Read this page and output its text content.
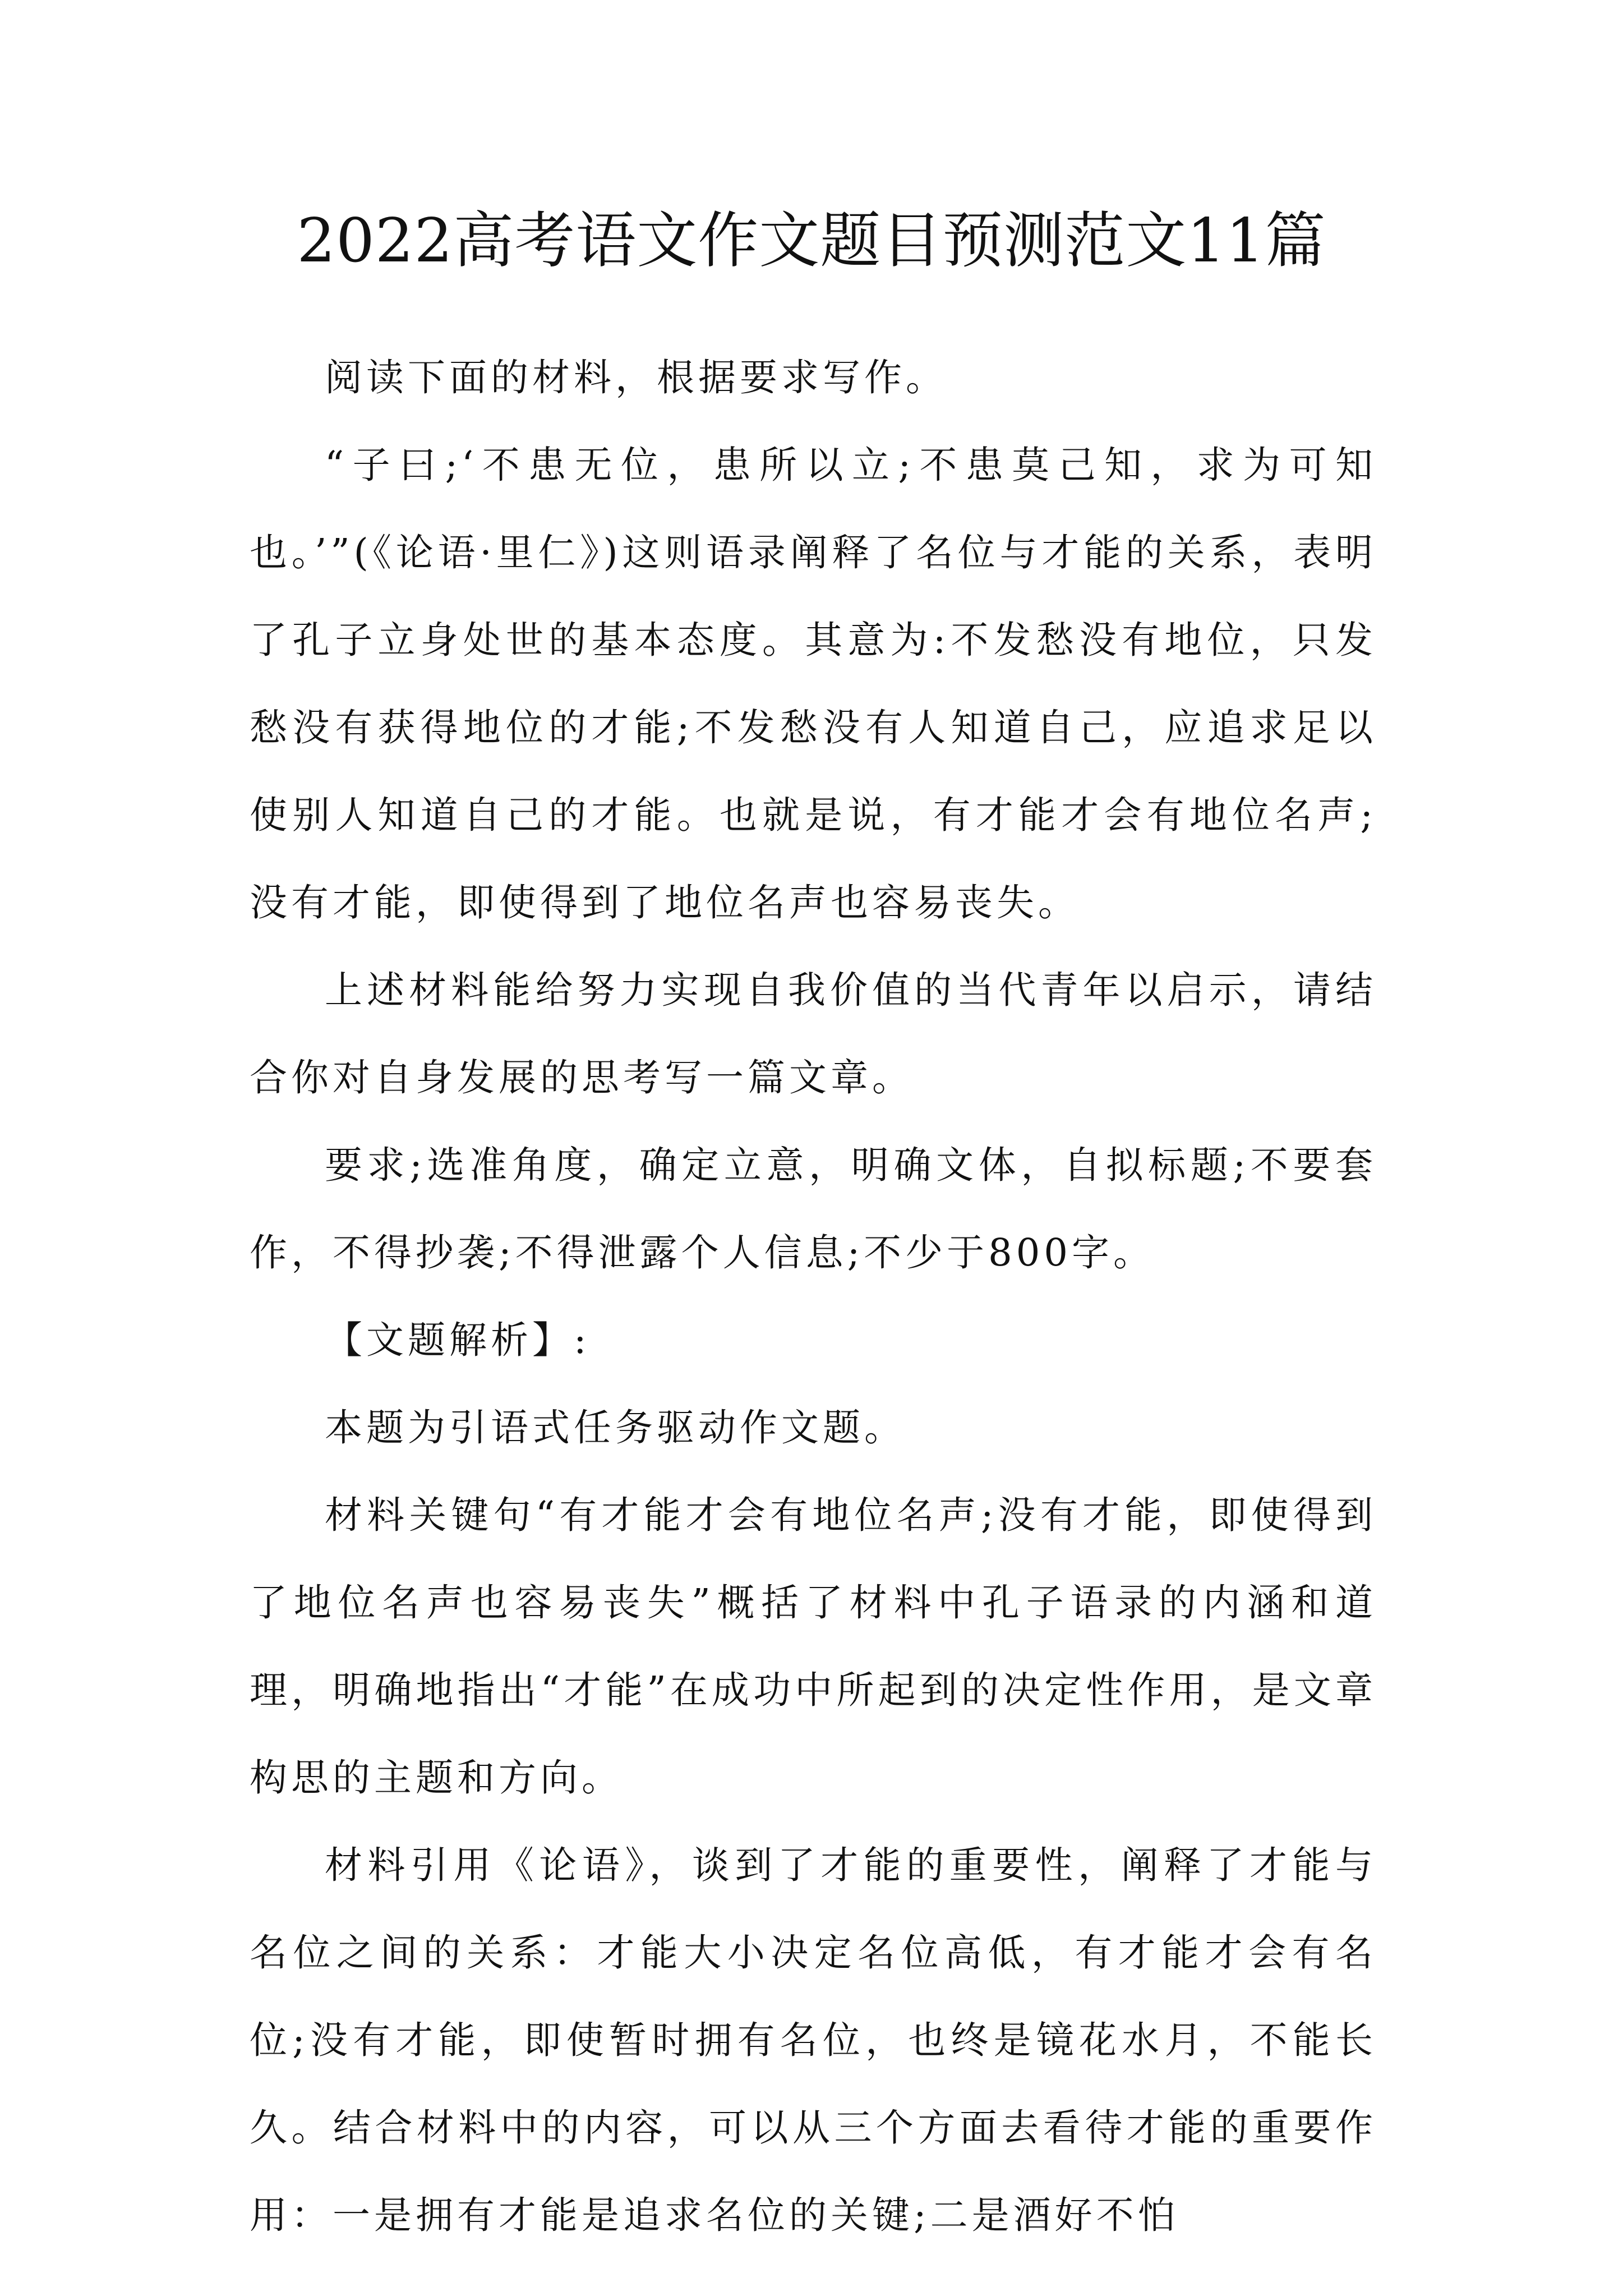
2022高考语文作文题目预测范文11篇

阅读下面的材料，根据要求写作。

“子曰;‘不患无位，患所以立;不患莫己知，求为可知也。’”(《论语·里仁》)这则语录阐释了名位与才能的关系，表明了孔子立身处世的基本态度。其意为:不发愁没有地位，只发愁没有获得地位的才能;不发愁没有人知道自己，应追求足以使别人知道自己的才能。也就是说，有才能才会有地位名声;没有才能，即使得到了地位名声也容易丧失。

上述材料能给努力实现自我价值的当代青年以启示，请结合你对自身发展的思考写一篇文章。

要求;选准角度，确定立意，明确文体，自拟标题;不要套作，不得抄袭;不得泄露个人信息;不少于800字。

【文题解析】:

本题为引语式任务驱动作文题。

材料关键句“有才能才会有地位名声;没有才能，即使得到了地位名声也容易丧失”概括了材料中孔子语录的内涵和道理，明确地指出“才能”在成功中所起到的决定性作用，是文章构思的主题和方向。

材料引用《论语》，谈到了才能的重要性，阐释了才能与名位之间的关系：才能大小决定名位高低，有才能才会有名位;没有才能，即使暂时拥有名位，也终是镜花水月，不能长久。结合材料中的内容，可以从三个方面去看待才能的重要作用：一是拥有才能是追求名位的关键;二是酒好不怕
